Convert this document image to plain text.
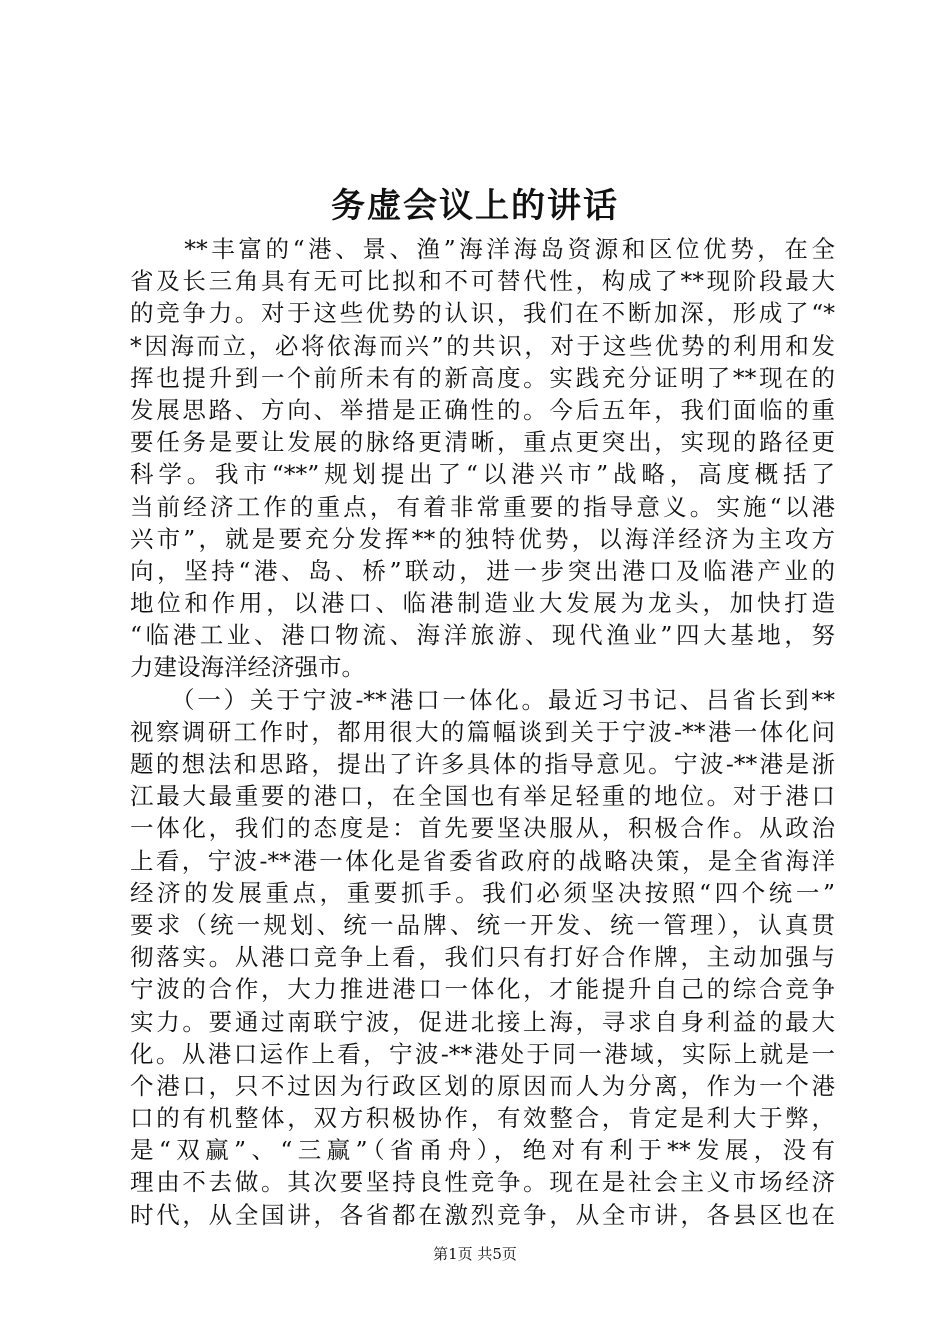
务虚会议上的讲话
　　**丰富的“港、景、渔”海洋海岛资源和区位优势，在全
省及长三角具有无可比拟和不可替代性，构成了**现阶段最大
的竞争力。对于这些优势的认识，我们在不断加深，形成了“*
*因海而立，必将依海而兴”的共识，对于这些优势的利用和发
挥也提升到一个前所未有的新高度。实践充分证明了**现在的
发展思路、方向、举措是正确性的。今后五年，我们面临的重
要任务是要让发展的脉络更清晰，重点更突出，实现的路径更
科学。我市“**”规划提出了“以港兴市”战略，高度概括了
当前经济工作的重点，有着非常重要的指导意义。实施“以港
兴市”，就是要充分发挥**的独特优势，以海洋经济为主攻方
向，坚持“港、岛、桥”联动，进一步突出港口及临港产业的
地位和作用，以港口、临港制造业大发展为龙头，加快打造
“临港工业、港口物流、海洋旅游、现代渔业”四大基地，努
力建设海洋经济强市。
　　（一）关于宁波-**港口一体化。最近习书记、吕省长到**
视察调研工作时，都用很大的篇幅谈到关于宁波-**港一体化问
题的想法和思路，提出了许多具体的指导意见。宁波-**港是浙
江最大最重要的港口，在全国也有举足轻重的地位。对于港口
一体化，我们的态度是：首先要坚决服从，积极合作。从政治
上看，宁波-**港一体化是省委省政府的战略决策，是全省海洋
经济的发展重点，重要抓手。我们必须坚决按照“四个统一”
要求（统一规划、统一品牌、统一开发、统一管理），认真贯
彻落实。从港口竞争上看，我们只有打好合作牌，主动加强与
宁波的合作，大力推进港口一体化，才能提升自己的综合竞争
实力。要通过南联宁波，促进北接上海，寻求自身利益的最大
化。从港口运作上看，宁波-**港处于同一港域，实际上就是一
个港口，只不过因为行政区划的原因而人为分离，作为一个港
口的有机整体，双方积极协作，有效整合，肯定是利大于弊，
是“双赢”、“三赢”（省甬舟），绝对有利于**发展，没有
理由不去做。其次要坚持良性竞争。现在是社会主义市场经济
时代，从全国讲，各省都在激烈竞争，从全市讲，各县区也在
第1页 共5页
